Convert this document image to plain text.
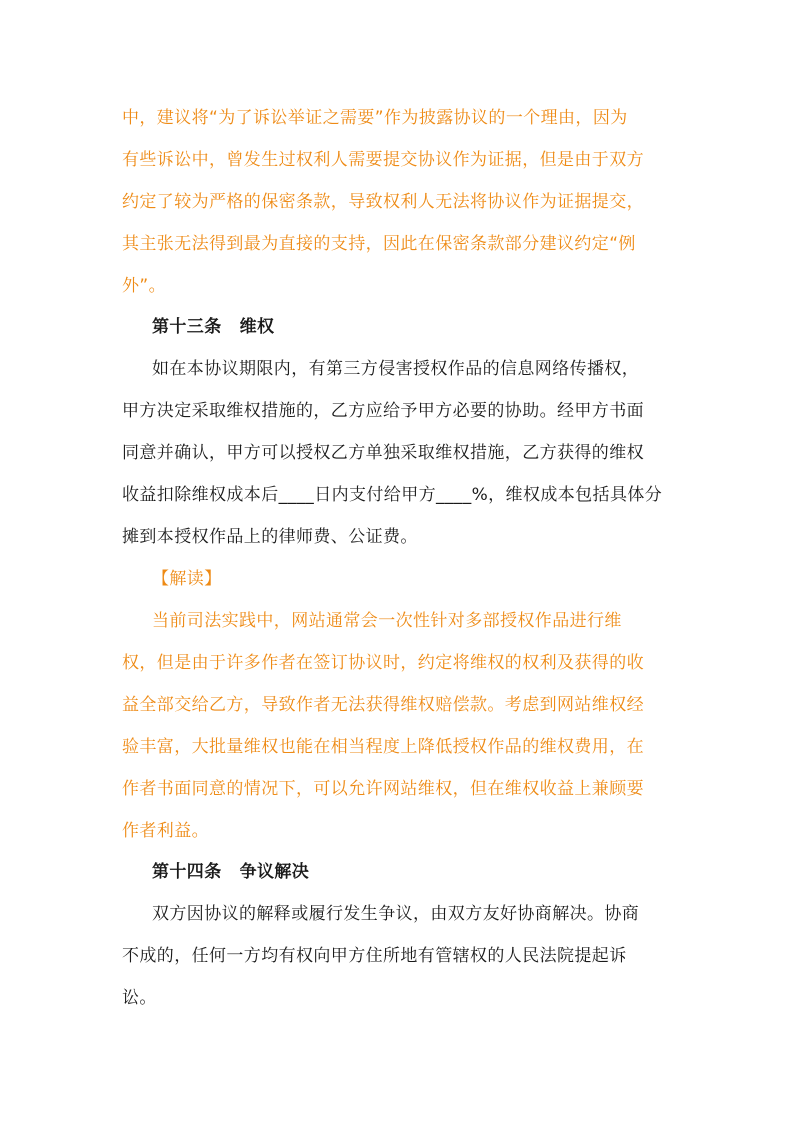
中，建议将“为了诉讼举证之需要”作为披露协议的一个理由，因为
有些诉讼中，曾发生过权利人需要提交协议作为证据，但是由于双方
约定了较为严格的保密条款，导致权利人无法将协议作为证据提交，
其主张无法得到最为直接的支持，因此在保密条款部分建议约定“例
外”。
第十三条 维权
如在本协议期限内，有第三方侵害授权作品的信息网络传播权，
甲方决定采取维权措施的，乙方应给予甲方必要的协助。经甲方书面
同意并确认，甲方可以授权乙方单独采取维权措施，乙方获得的维权
收益扣除维权成本后____日内支付给甲方____%，维权成本包括具体分
摊到本授权作品上的律师费、公证费。
【解读】
当前司法实践中，网站通常会一次性针对多部授权作品进行维
权，但是由于许多作者在签订协议时，约定将维权的权利及获得的收
益全部交给乙方，导致作者无法获得维权赔偿款。考虑到网站维权经
验丰富，大批量维权也能在相当程度上降低授权作品的维权费用，在
作者书面同意的情况下，可以允许网站维权，但在维权收益上兼顾要
作者利益。
第十四条 争议解决
双方因协议的解释或履行发生争议，由双方友好协商解决。协商
不成的，任何一方均有权向甲方住所地有管辖权的人民法院提起诉
讼。
